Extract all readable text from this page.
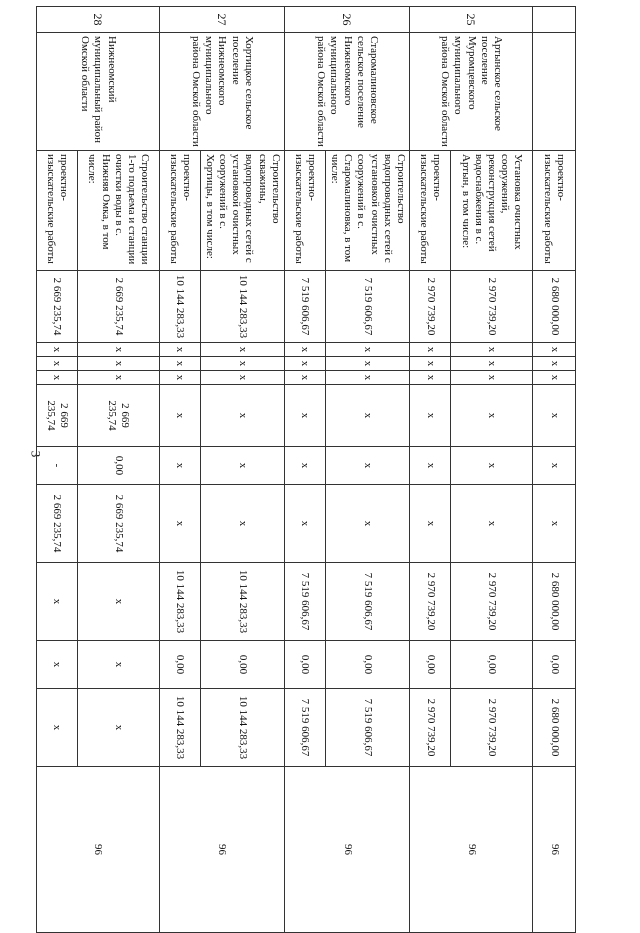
3
		проектно-изыскательские работы	2 680 000,00	x	x	x	x	x	x	2 680 000,00	0,00	2 680 000,00	96
25	Артынское сельское поселение Муромцевского муниципального района Омской области	Установка очистных сооружений, реконструкция сетей водоснабжения в с. Артын, в том числе:	2 970 739,20	x	x	x	x	x	x	2 970 739,20	0,00	2 970 739,20	96
		проектно-изыскательские работы	2 970 739,20	x	x	x	x	x	x	2 970 739,20	0,00	2 970 739,20	
26	Старомалиновское сельское поселение Нижнеомского муниципального района Омской области	Строительство водопроводных сетей с установкой очистных сооружений в с. Старомалиновка, в том числе:	7 519 606,67	x	x	x	x	x	x	7 519 606,67	0,00	7 519 606,67	96
		проектно-изыскательские работы	7 519 606,67	x	x	x	x	x	x	7 519 606,67	0,00	7 519 606,67	
27	Хортицкое сельское поселение Нижнеомского муниципального района Омской области	Строительство скважины, водопроводных сетей с установкой очистных сооружений в с. Хортицы, в том числе:	10 144 283,33	x	x	x	x	x	x	10 144 283,33	0,00	10 144 283,33	96
		проектно-изыскательские работы	10 144 283,33	x	x	x	x	x	x	10 144 283,33	0,00	10 144 283,33	
28	Нижнеомский муниципальный район Омской области	Строительство станции 1-го подъема и станции очистки воды в с. Нижняя Омка, в том числе:	2 669 235,74	x	x	x	2 669 235,74	0,00	2 669 235,74	x	x	x	96
		проектно-изыскательские работы	2 669 235,74	x	x	x	2 669 235,74	-	2 669 235,74	x	x	x	
